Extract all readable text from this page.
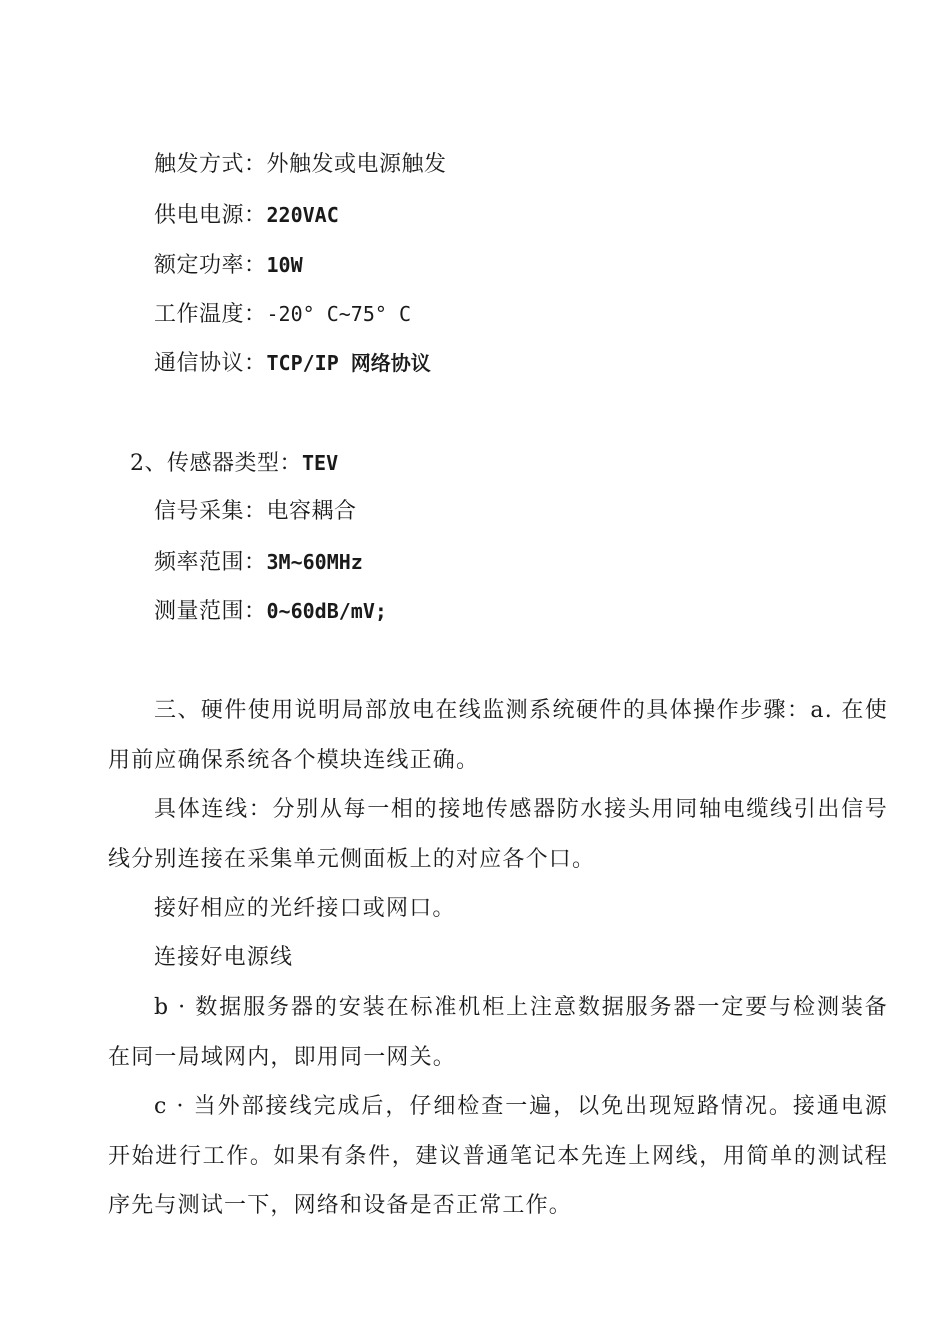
触发方式：外触发或电源触发
供电电源：220VAC
额定功率：10W
工作温度：-20° C~75° C
通信协议：TCP/IP 网络协议
2、传感器类型：TEV
信号采集：电容耦合
频率范围：3M~60MHz
测量范围：0~60dB/mV;

三、硬件使用说明局部放电在线监测系统硬件的具体操作步骤：a. 在使用前应确保系统各个模块连线正确。

具体连线：分别从每一相的接地传感器防水接头用同轴电缆线引出信号线分别连接在采集单元侧面板上的对应各个口。

接好相应的光纤接口或网口。

连接好电源线

b · 数据服务器的安装在标准机柜上注意数据服务器一定要与检测装备在同一局域网内，即用同一网关。

c · 当外部接线完成后，仔细检查一遍，以免出现短路情况。接通电源开始进行工作。如果有条件，建议普通笔记本先连上网线，用简单的测试程序先与测试一下，网络和设备是否正常工作。
